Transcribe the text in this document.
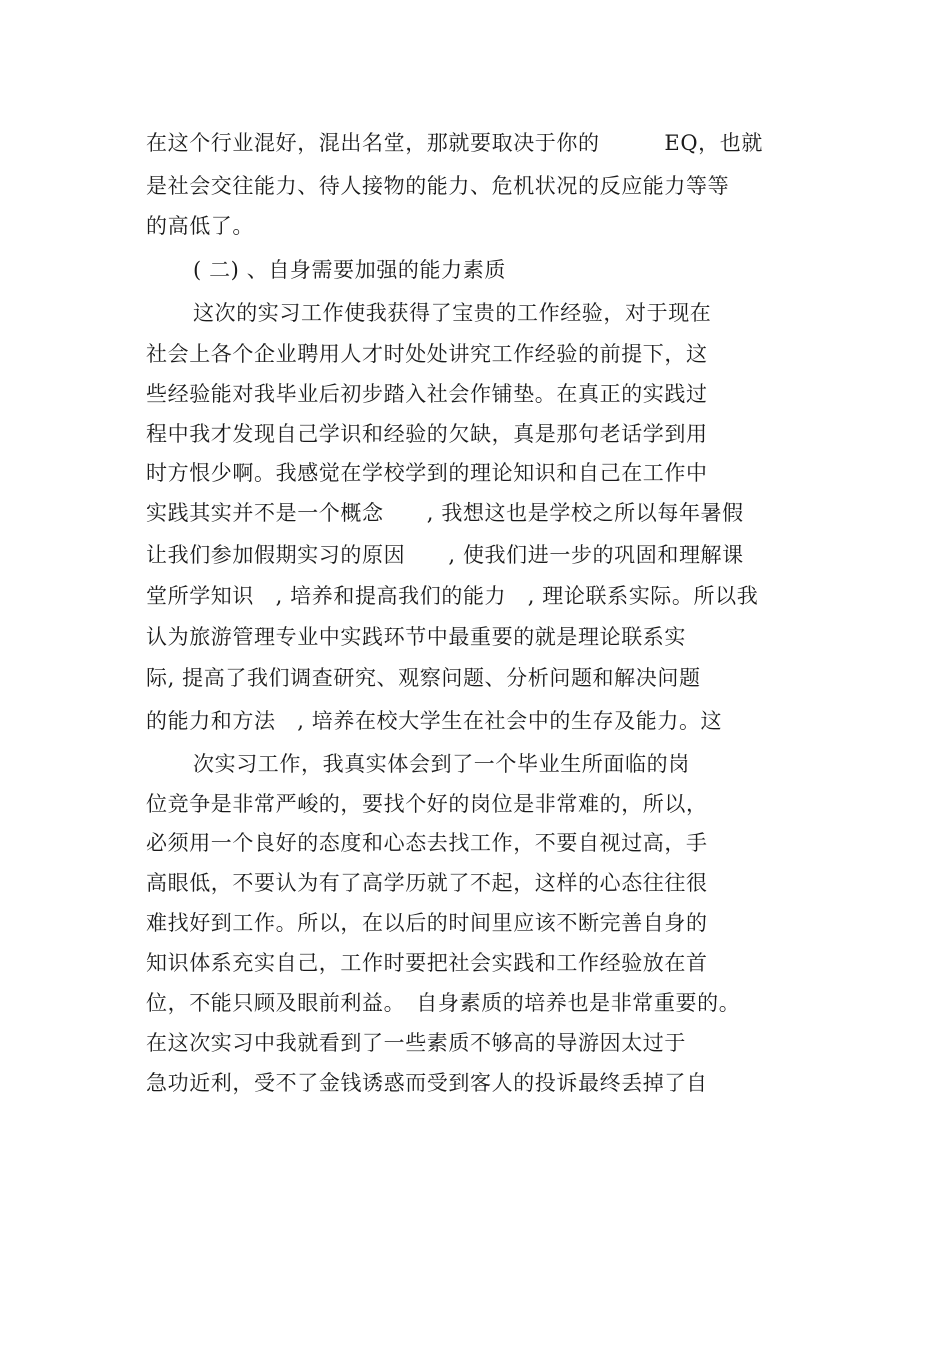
在这个行业混好，混出名堂，那就要取决于你的　　　EQ，也就
是社会交往能力、待人接物的能力、危机状况的反应能力等等
的高低了。
( 二) 、自身需要加强的能力素质
这次的实习工作使我获得了宝贵的工作经验，对于现在
社会上各个企业聘用人才时处处讲究工作经验的前提下，这
些经验能对我毕业后初步踏入社会作铺垫。在真正的实践过
程中我才发现自己学识和经验的欠缺，真是那句老话学到用
时方恨少啊。我感觉在学校学到的理论知识和自己在工作中
实践其实并不是一个概念　　, 我想这也是学校之所以每年暑假
让我们参加假期实习的原因　　, 使我们进一步的巩固和理解课
堂所学知识　, 培养和提高我们的能力　, 理论联系实际。所以我
认为旅游管理专业中实践环节中最重要的就是理论联系实
际, 提高了我们调查研究、观察问题、分析问题和解决问题
的能力和方法　, 培养在校大学生在社会中的生存及能力。这
次实习工作，我真实体会到了一个毕业生所面临的岗
位竞争是非常严峻的，要找个好的岗位是非常难的，所以，
必须用一个良好的态度和心态去找工作，不要自视过高，手
高眼低，不要认为有了高学历就了不起，这样的心态往往很
难找好到工作。所以，在以后的时间里应该不断完善自身的
知识体系充实自己，工作时要把社会实践和工作经验放在首
位，不能只顾及眼前利益。　自身素质的培养也是非常重要的。
在这次实习中我就看到了一些素质不够高的导游因太过于
急功近利，受不了金钱诱惑而受到客人的投诉最终丢掉了自
